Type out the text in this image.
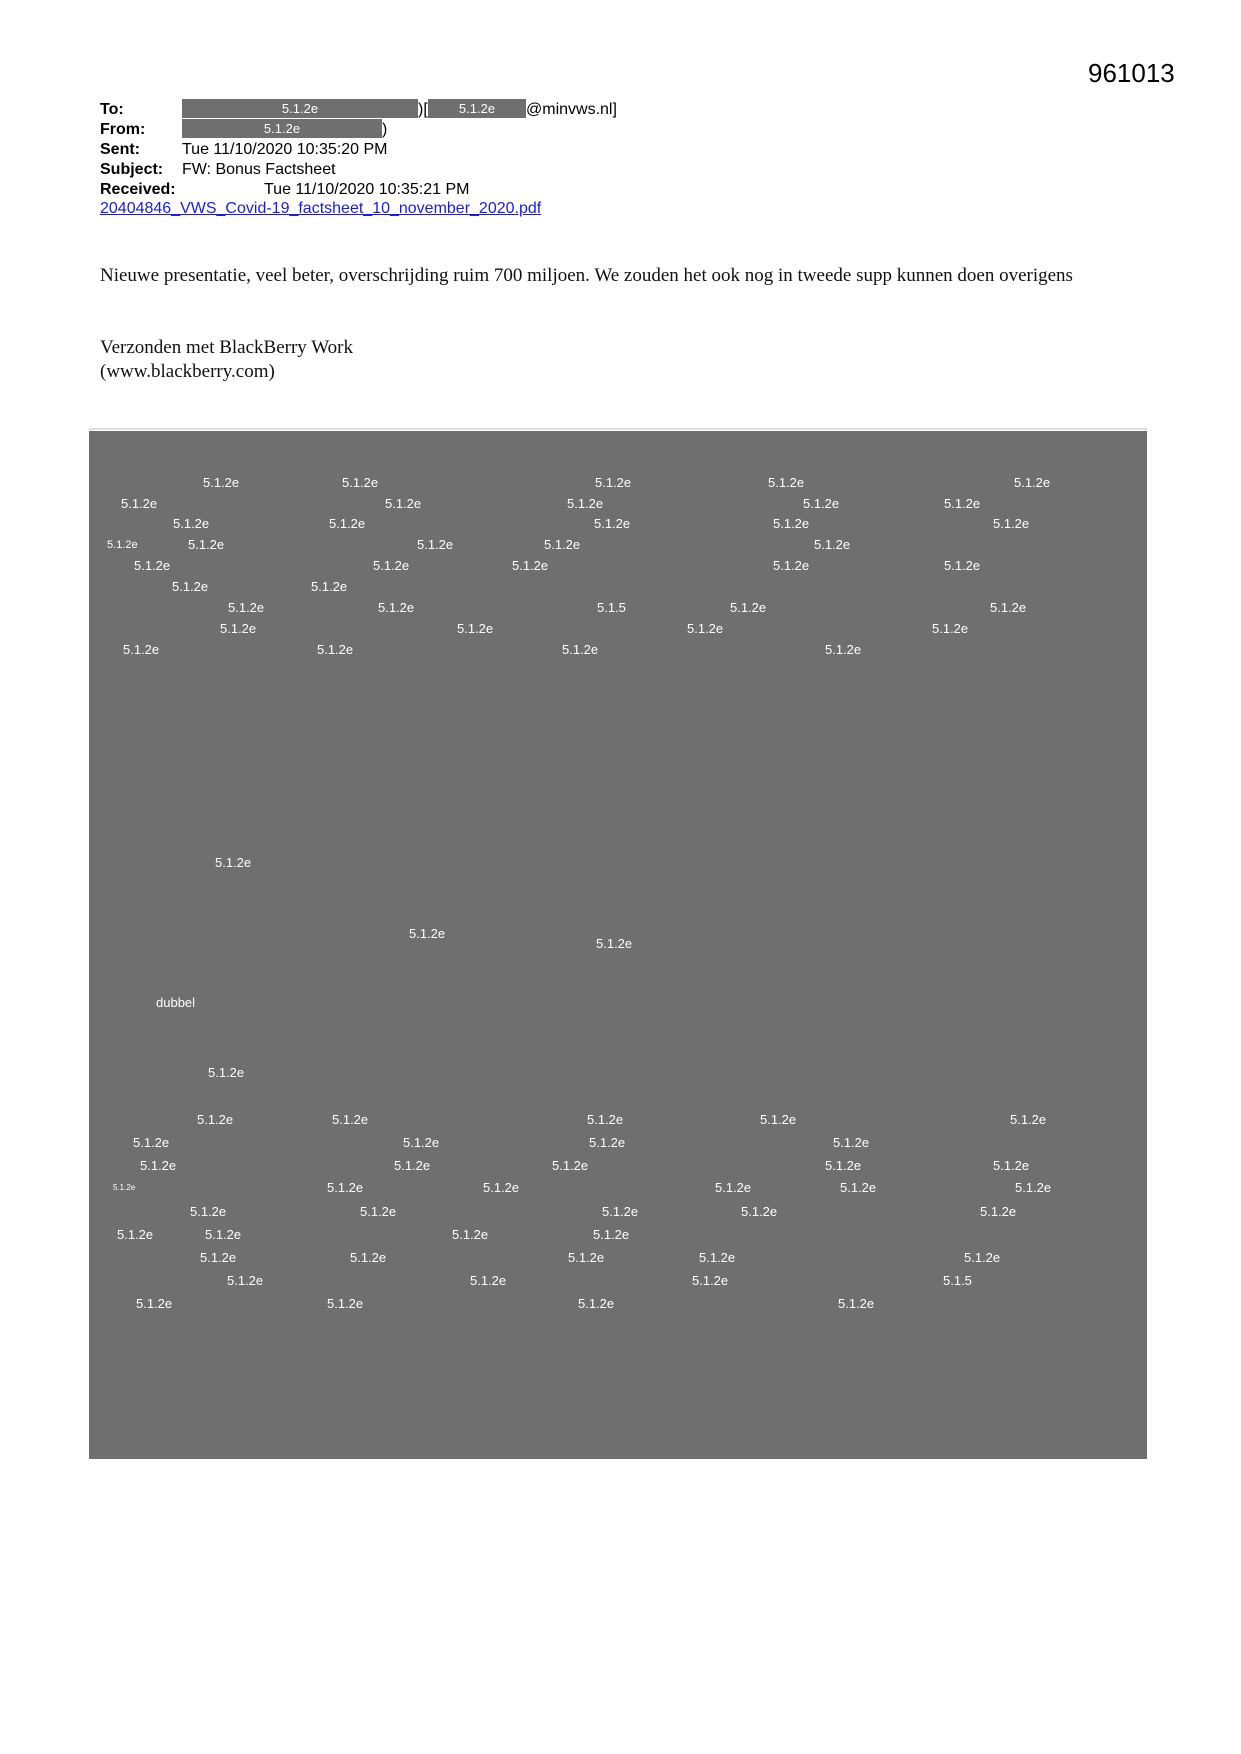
961013
To:	5.1.2e	)[	5.1.2e	@minvws.nl]
From:	5.1.2e	)
Sent:	Tue 11/10/2020 10:35:20 PM
Subject: FW: Bonus Factsheet
Received:	Tue 11/10/2020 10:35:21 PM
20404846_VWS_Covid-19_factsheet_10_november_2020.pdf
Nieuwe presentatie, veel beter, overschrijding ruim 700 miljoen. We zouden het ook nog in tweede supp kunnen doen overigens
Verzonden met BlackBerry Work
(www.blackberry.com)
5.1.2e	5.1.2e	5.1.2e	5.1.2e	5.1.2e
5.1.2e	5.1.2e	5.1.2e	5.1.2e	5.1.2e
5.1.2e	5.1.2e	5.1.2e	5.1.2e	5.1.2e
5.1.2e	5.1.2e	5.1.2e	5.1.2e	5.1.2e
5.1.2e	5.1.2e	5.1.2e	5.1.2e	5.1.2e
5.1.2e	5.1.2e
5.1.2e	5.1.2e	5.1.5	5.1.2e	5.1.2e
5.1.2e	5.1.2e	5.1.2e	5.1.2e
5.1.2e	5.1.2e	5.1.2e	5.1.2e
5.1.2e
5.1.2e
5.1.2e
dubbel
5.1.2e
5.1.2e	5.1.2e	5.1.2e	5.1.2e	5.1.2e
5.1.2e	5.1.2e	5.1.2e	5.1.2e
5.1.2e	5.1.2e	5.1.2e	5.1.2e	5.1.2e
5.1.2e	5.1.2e	5.1.2e	5.1.2e	5.1.2e	5.1.2e
5.1.2e	5.1.2e	5.1.2e	5.1.2e	5.1.2e
5.1.2e	5.1.2e	5.1.2e	5.1.2e
5.1.2e	5.1.2e	5.1.2e	5.1.2e	5.1.2e
5.1.2e	5.1.2e	5.1.2e	5.1.5
5.1.2e	5.1.2e	5.1.2e	5.1.2e
